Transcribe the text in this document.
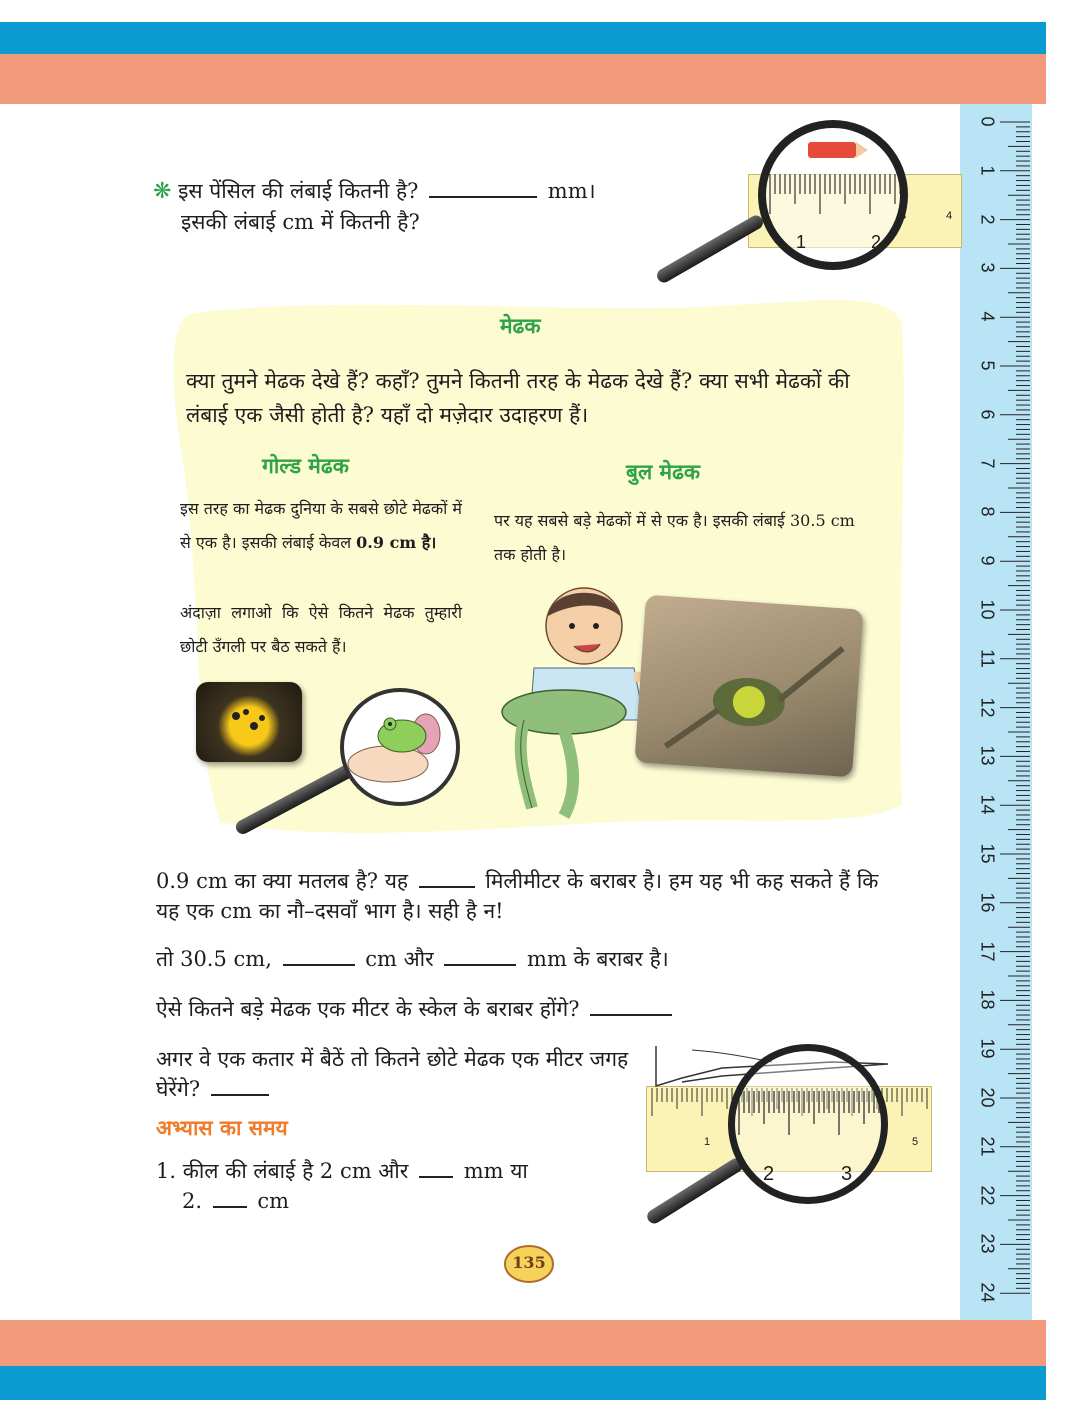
0
1
2
3
4
5
6
7
8
9
10
11
12
13
14
15
16
17
18
19
20
21
22
23
24
❋ इस पेंसिल की लंबाई कितनी है?	mm।
इसकी लंबाई cm में कितनी है?
1	2
3	4
मेढक
क्या तुमने मेढक देखे हैं? कहाँ? तुमने कितनी तरह के मेढक देखे हैं? क्या सभी मेढकों की लंबाई एक जैसी होती है? यहाँ दो मज़ेदार उदाहरण हैं।
गोल्ड मेढक	बुल मेढक
इस तरह का मेढक दुनिया के सबसे छोटे मेढकों में से एक है। इसकी लंबाई केवल 0.9 cm है।
अंदाज़ा लगाओ कि ऐसे कितने मेढक तुम्हारी छोटी उँगली पर बैठ सकते हैं।
पर यह सबसे बड़े मेढकों में से एक है। इसकी लंबाई 30.5 cm तक होती है।
0.9 cm का क्या मतलब है? यह	मिलीमीटर के बराबर है। हम यह भी कह सकते हैं कि यह एक cm का नौ–दसवाँ भाग है। सही है न!
तो 30.5 cm,	cm और	mm के बराबर है।
ऐसे कितने बड़े मेढक एक मीटर के स्केल के बराबर होंगे?
अगर वे एक कतार में बैठें तो कितने छोटे मेढक एक मीटर जगह घेरेंगे?
अभ्यास का समय
1. कील की लंबाई है 2 cm और	mm या
2.	cm
1	5
2	3
135
